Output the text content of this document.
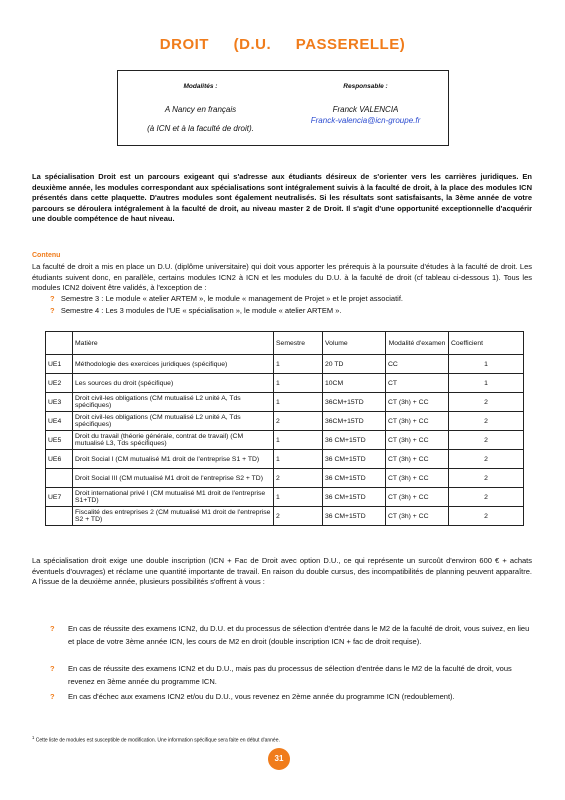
DROIT (D.U. PASSERELLE)
Modalités :
A Nancy en français
(à ICN et à la faculté de droit).
Responsable :
Franck VALENCIA
Franck-valencia@icn-groupe.fr
La spécialisation Droit est un parcours exigeant qui s'adresse aux étudiants désireux de s'orienter vers les carrières juridiques. En deuxième année, les modules correspondant aux spécialisations sont intégralement suivis à la faculté de droit, à la place des modules ICN présentés dans cette plaquette. D'autres modules sont également neutralisés. Si les résultats sont satisfaisants, la 3ème année de votre parcours se déroulera intégralement à la faculté de droit, au niveau master 2 de Droit. Il s'agit d'une opportunité exceptionnelle d'acquérir une double compétence de haut niveau.
Contenu
La faculté de droit a mis en place un D.U. (diplôme universitaire) qui doit vous apporter les prérequis à la poursuite d'études à la faculté de droit. Les étudiants suivent donc, en parallèle, certains modules ICN2 à ICN et les modules du D.U. à la faculté de droit (cf tableau ci-dessous 1). Tous les modules ICN2 doivent être validés, à l'exception de :
? Semestre 3 : Le module « atelier ARTEM », le module « management de Projet » et le projet associatif.
? Semestre 4 : Les 3 modules de l'UE « spécialisation », le module « atelier ARTEM ».
	Matière	Semestre	Volume	Modalité d'examen	Coefficient
UE1	Méthodologie des exercices juridiques (spécifique)	1	20 TD	CC	1
UE2	Les sources du droit (spécifique)	1	10CM	CT	1
UE3	Droit civil-les obligations (CM mutualisé L2 unité A, Tds spécifiques)	1	36CM+15TD	CT (3h) + CC	2
UE4	Droit civil-les obligations (CM mutualisé L2 unité A, Tds spécifiques)	2	36CM+15TD	CT (3h) + CC	2
UE5	Droit du travail (théorie générale, contrat de travail) (CM mutualisé L3, Tds spécifiques)	1	36 CM+15TD	CT (3h) + CC	2
UE6	Droit Social I (CM mutualisé M1 droit de l'entreprise S1 + TD)	1	36 CM+15TD	CT (3h) + CC	2
	Droit Social III (CM mutualisé M1 droit de l'entreprise S2 + TD)	2	36 CM+15TD	CT (3h) + CC	2
UE7	Droit international privé I (CM mutualisé M1 droit de l'entreprise S1+TD)	1	36 CM+15TD	CT (3h) + CC	2
	Fiscalité des entreprises 2 (CM mutualisé M1 droit de l'entreprise S2 + TD)	2	36 CM+15TD	CT (3h) + CC	2
La spécialisation droit exige une double inscription (ICN + Fac de Droit avec option D.U., ce qui représente un surcoût d'environ 600 € + achats éventuels d'ouvrages) et réclame une quantité importante de travail. En raison du double cursus, des incompatibilités de planning peuvent apparaître. A l'issue de la deuxième année, plusieurs possibilités s'offrent à vous :
? En cas de réussite des examens ICN2, du D.U. et du processus de sélection d'entrée dans le M2 de la faculté de droit, vous suivez, en lieu et place de votre 3ème année ICN, les cours de M2 en droit (double inscription ICN + fac de droit requise).
? En cas de réussite des examens ICN2 et du D.U., mais pas du processus de sélection d'entrée dans le M2 de la faculté de droit, vous revenez en 3ème année du programme ICN.
? En cas d'échec aux examens ICN2 et/ou du D.U., vous revenez en 2ème année du programme ICN (redoublement).
$^1$ Cette liste de modules est susceptible de modification. Une information spécifique sera faite en début d'année.
31
